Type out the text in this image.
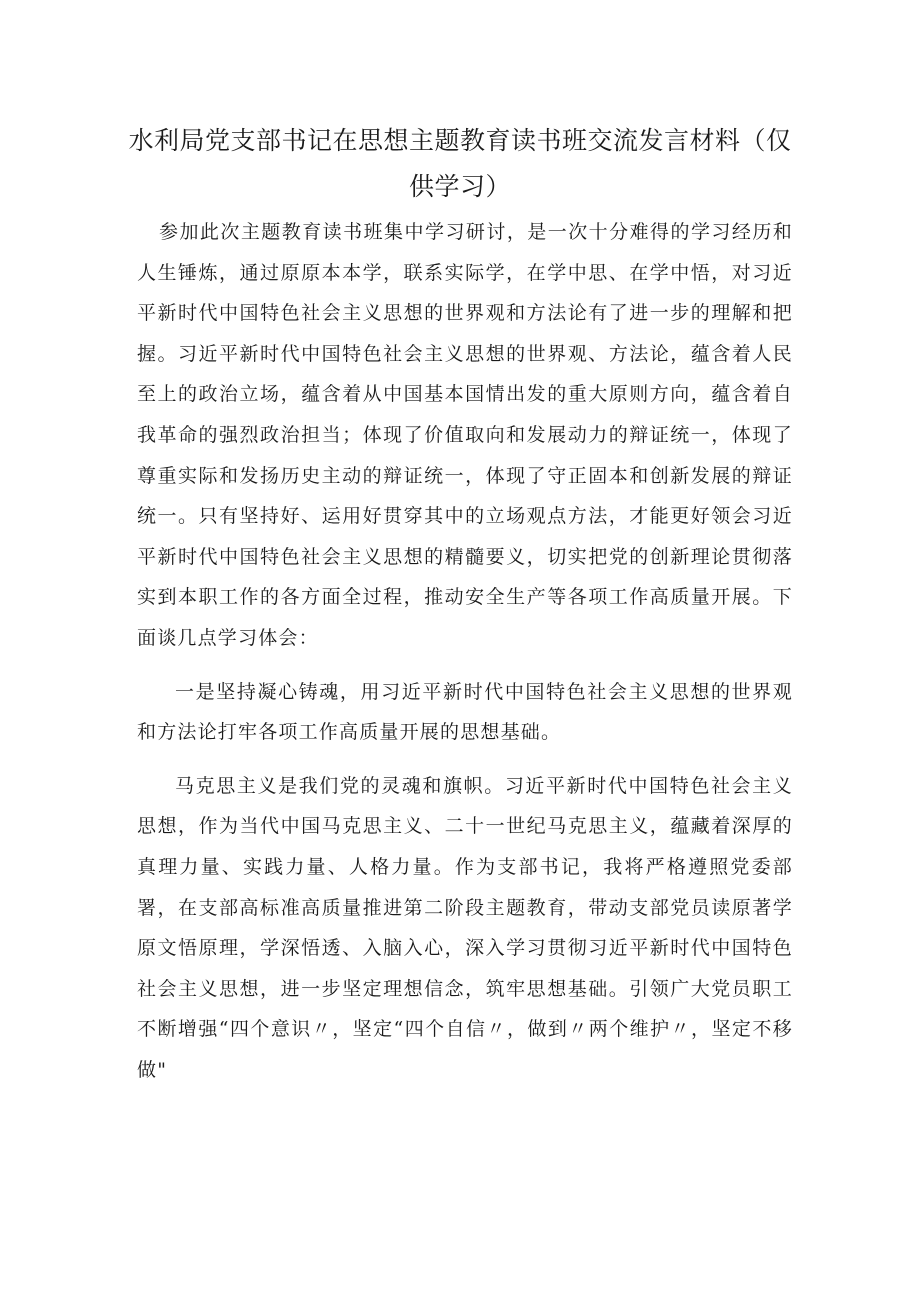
水利局党支部书记在思想主题教育读书班交流发言材料（仅供学习）

参加此次主题教育读书班集中学习研讨，是一次十分难得的学习经历和人生锤炼，通过原原本本学，联系实际学，在学中思、在学中悟，对习近平新时代中国特色社会主义思想的世界观和方法论有了进一步的理解和把握。习近平新时代中国特色社会主义思想的世界观、方法论，蕴含着人民至上的政治立场，蕴含着从中国基本国情出发的重大原则方向，蕴含着自我革命的强烈政治担当；体现了价值取向和发展动力的辩证统一，体现了尊重实际和发扬历史主动的辩证统一，体现了守正固本和创新发展的辩证统一。只有坚持好、运用好贯穿其中的立场观点方法，才能更好领会习近平新时代中国特色社会主义思想的精髓要义，切实把党的创新理论贯彻落实到本职工作的各方面全过程，推动安全生产等各项工作高质量开展。下面谈几点学习体会：

一是坚持凝心铸魂，用习近平新时代中国特色社会主义思想的世界观和方法论打牢各项工作高质量开展的思想基础。

马克思主义是我们党的灵魂和旗帜。习近平新时代中国特色社会主义思想，作为当代中国马克思主义、二十一世纪马克思主义，蕴藏着深厚的真理力量、实践力量、人格力量。作为支部书记，我将严格遵照党委部署，在支部高标准高质量推进第二阶段主题教育，带动支部党员读原著学原文悟原理，学深悟透、入脑入心，深入学习贯彻习近平新时代中国特色社会主义思想，进一步坚定理想信念，筑牢思想基础。引领广大党员职工不断增强“四个意识〃，坚定“四个自信〃，做到〃两个维护〃，坚定不移做"
